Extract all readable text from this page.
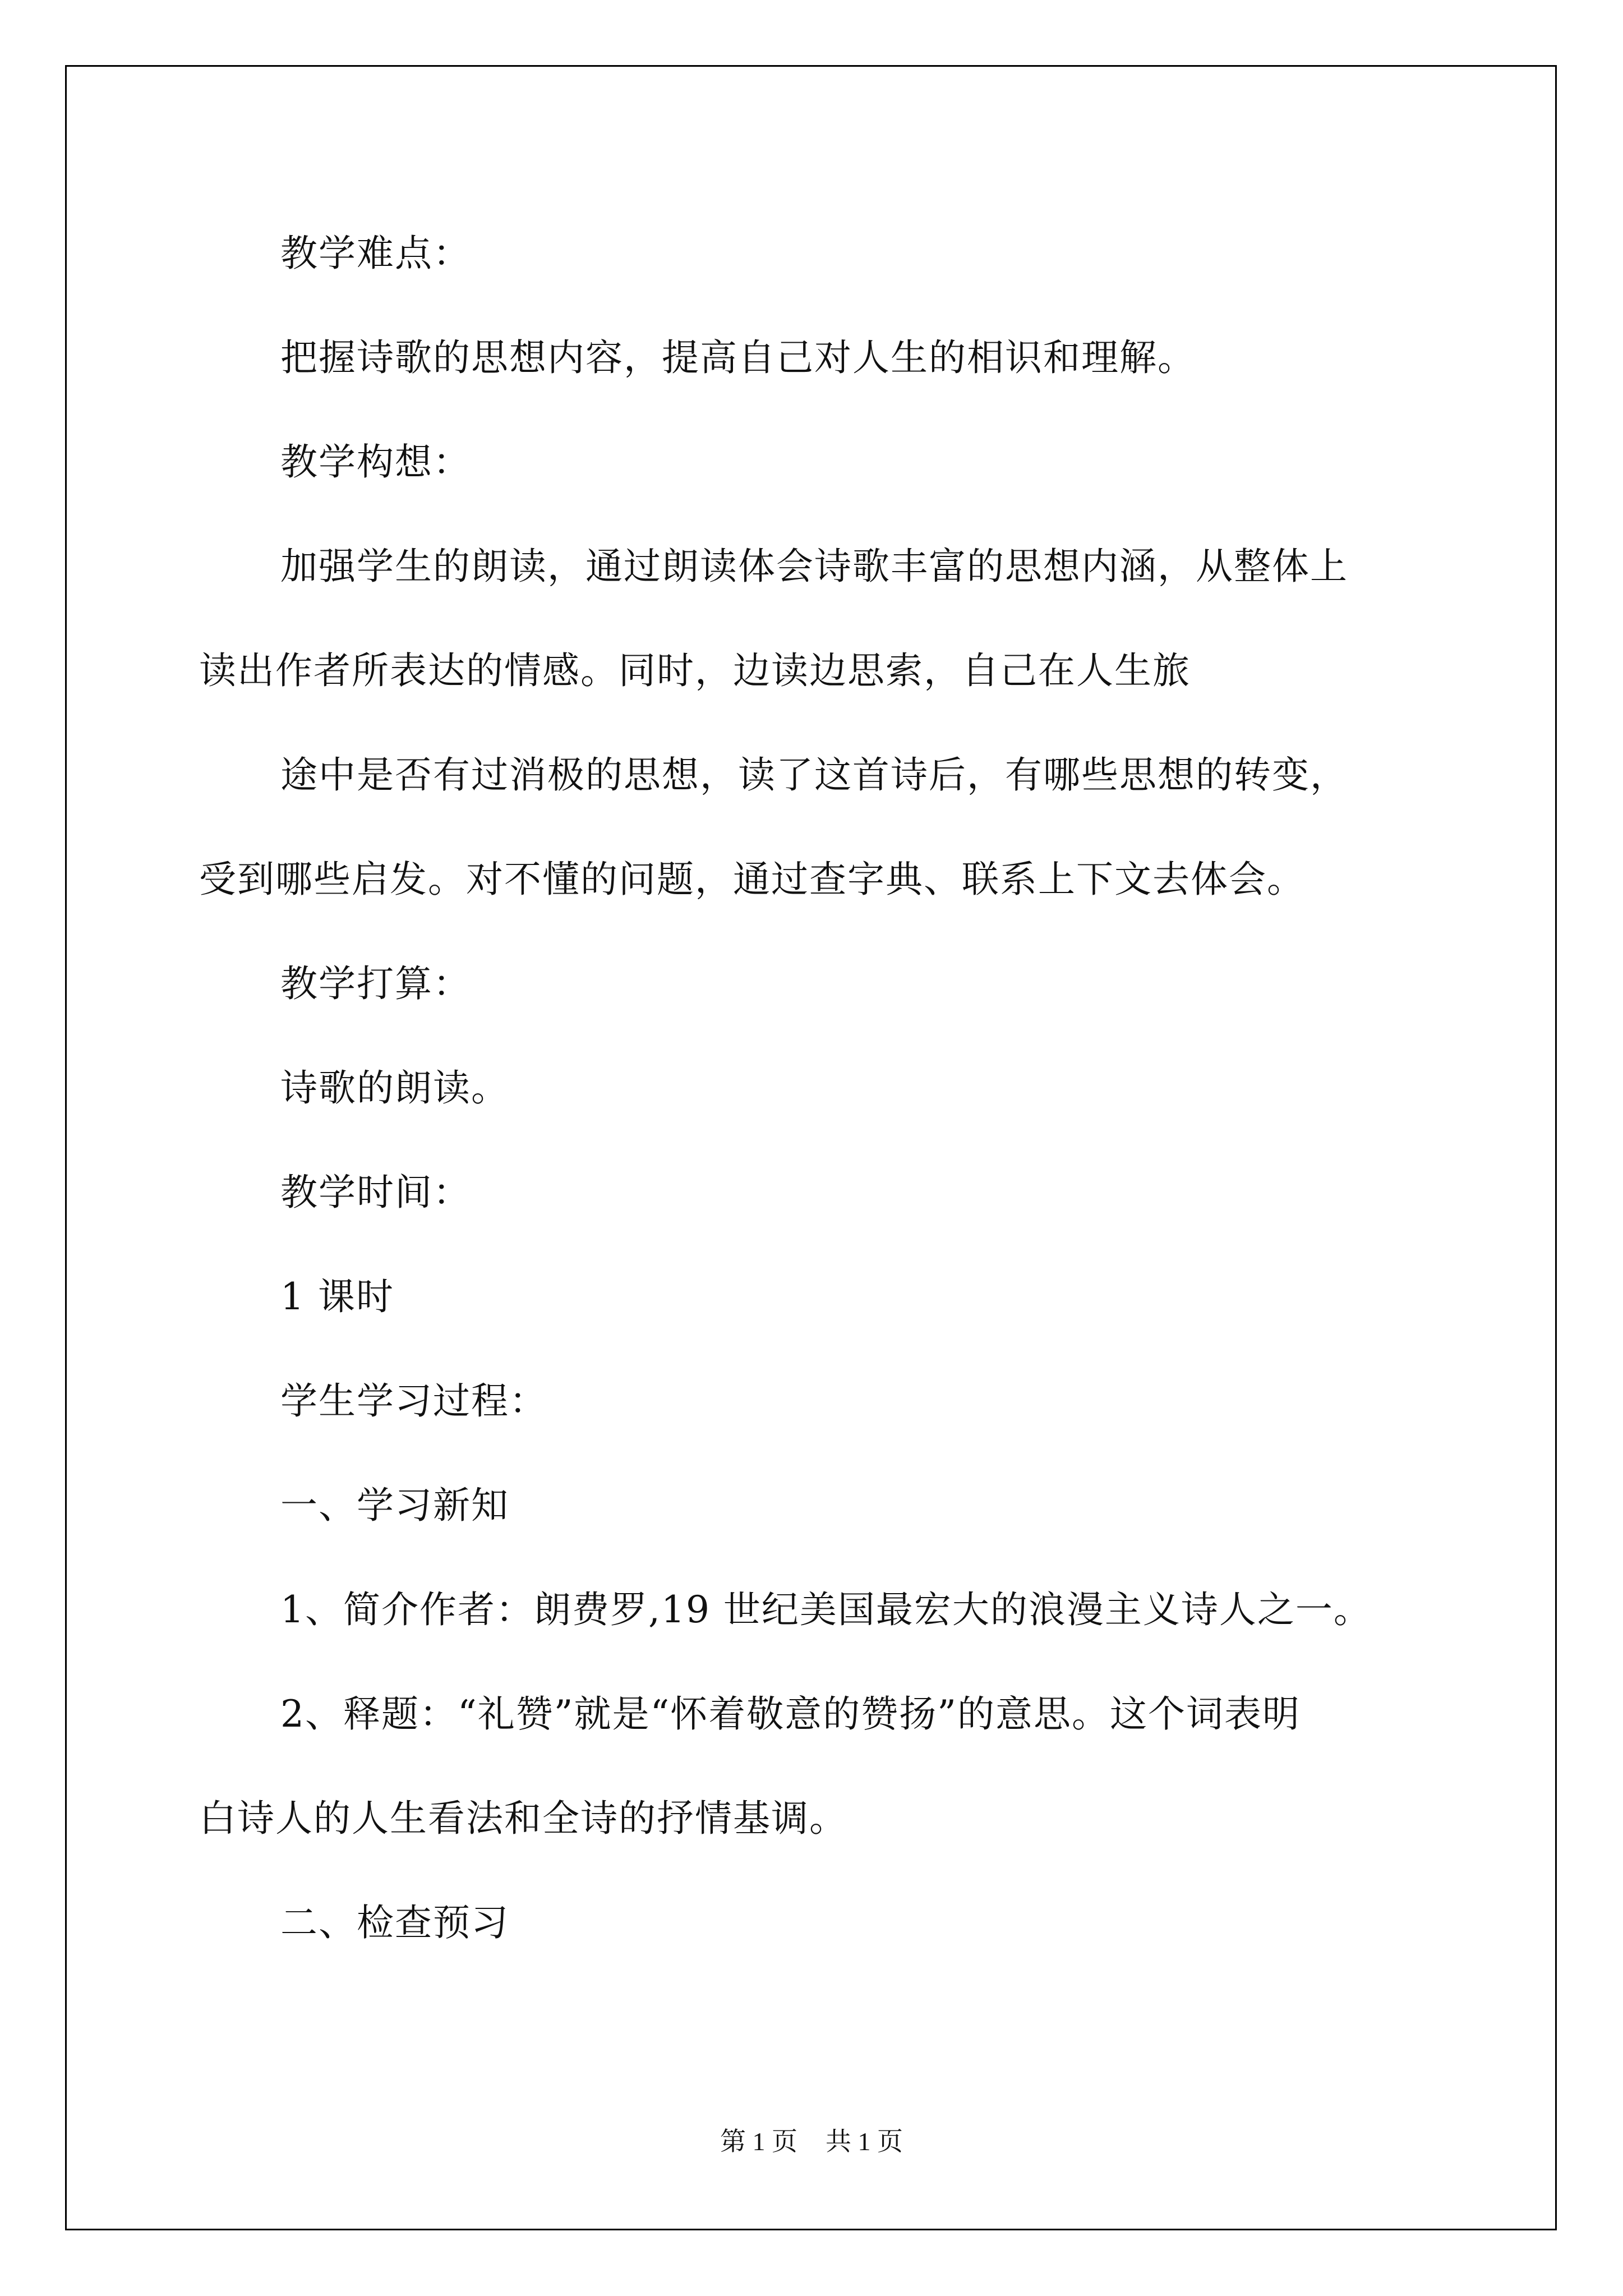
教学难点：

把握诗歌的思想内容，提高自己对人生的相识和理解。

教学构想：

加强学生的朗读，通过朗读体会诗歌丰富的思想内涵，从整体上

读出作者所表达的情感。同时，边读边思索，自己在人生旅

途中是否有过消极的思想，读了这首诗后，有哪些思想的转变，

受到哪些启发。对不懂的问题，通过查字典、联系上下文去体会。

教学打算：

诗歌的朗读。

教学时间：

1 课时

学生学习过程：

一、学习新知

1、简介作者：朗费罗,19 世纪美国最宏大的浪漫主义诗人之一。

2、释题：“礼赞”就是“怀着敬意的赞扬”的意思。这个词表明

白诗人的人生看法和全诗的抒情基调。

二、检查预习

第 1 页 共 1 页
